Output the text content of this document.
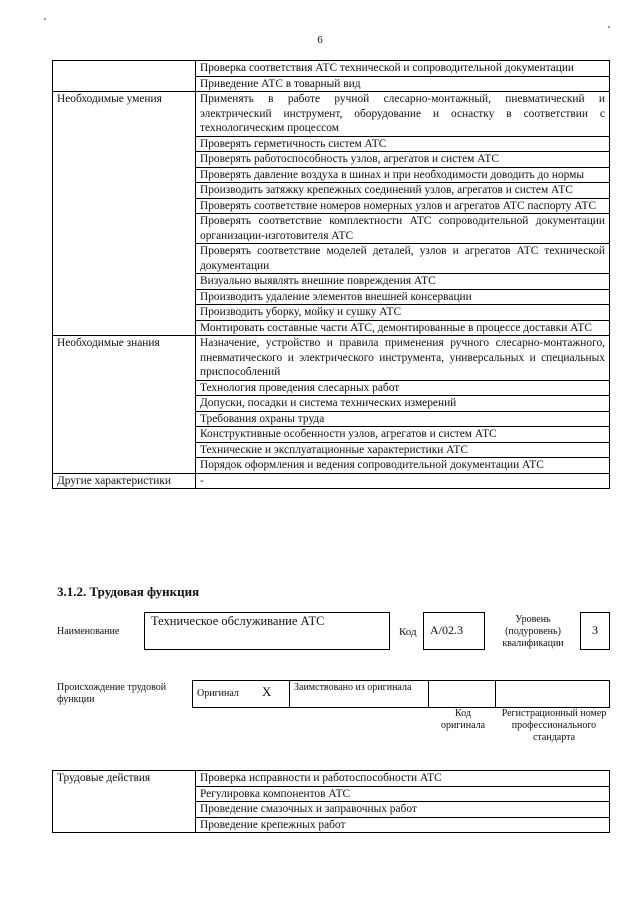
6
	Проверка соответствия АТС технической и сопроводительной документации
	Приведение АТС в товарный вид
Необходимые умения	Применять в работе ручной слесарно-монтажный, пневматический и электрический инструмент, оборудование и оснастку в соответствии с технологическим процессом
	Проверять герметичность систем АТС
	Проверять работоспособность узлов, агрегатов и систем АТС
	Проверять давление воздуха в шинах и при необходимости доводить до нормы
	Производить затяжку крепежных соединений узлов, агрегатов и систем АТС
	Проверять соответствие номеров номерных узлов и агрегатов АТС паспорту АТС
	Проверять соответствие комплектности АТС сопроводительной документации организации-изготовителя АТС
	Проверять соответствие моделей деталей, узлов и агрегатов АТС технической документации
	Визуально выявлять внешние повреждения АТС
	Производить удаление элементов внешней консервации
	Производить уборку, мойку и сушку АТС
	Монтировать составные части АТС, демонтированные в процессе доставки АТС
Необходимые знания	Назначение, устройство и правила применения ручного слесарно-монтажного, пневматического и электрического инструмента, универсальных и специальных приспособлений
	Технология проведения слесарных работ
	Допуски, посадки и система технических измерений
	Требования охраны труда
	Конструктивные особенности узлов, агрегатов и систем АТС
	Технические и эксплуатационные характеристики АТС
	Порядок оформления и ведения сопроводительной документации АТС
Другие характеристики	-
3.1.2. Трудовая функция
Наименование
Техническое обслуживание АТС
Код	A/02.3
Уровень (подуровень) квалификации
3
Происхождение трудовой функции
Оригинал X Заимствовано из оригинала
Код оригинала
Регистрационный номер профессионального стандарта
Трудовые действия	Проверка исправности и работоспособности АТС
Регулировка компонентов АТС
Проведение смазочных и заправочных работ
Проведение крепежных работ
